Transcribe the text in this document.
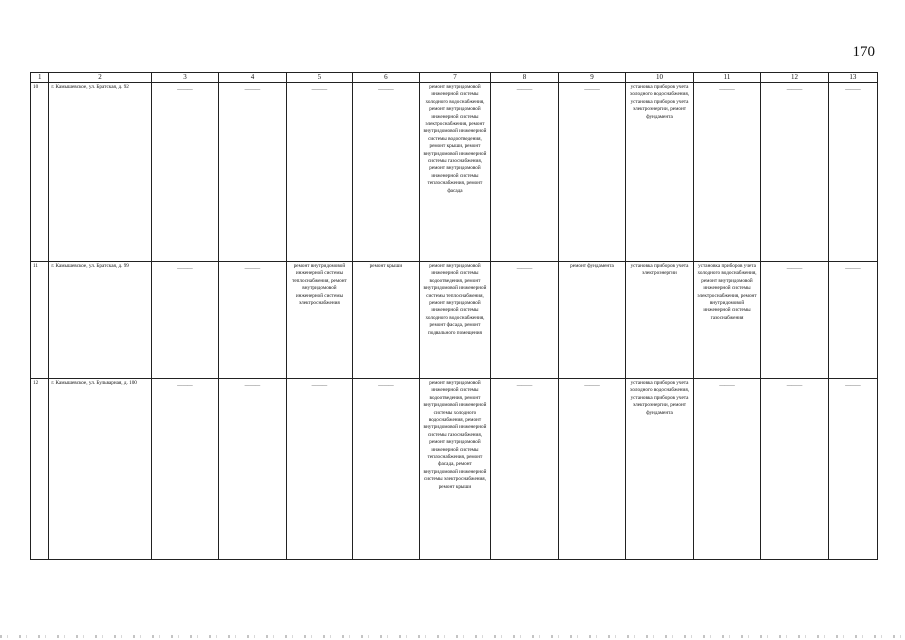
170
1	2	3	4	5	6	7	8	9	10	11	12	13
10	г. Камышевское, ул. Братская, д. 92	———	———	———	———	ремонт внутридомовой инженерной системы холодного водоснабжения, ремонт внутридомовой инженерной системы электроснабжения, ремонт внутридомовой инженерной системы водоотведения, ремонт крыши, ремонт внутридомовой инженерной системы газоснабжения, ремонт внутридомовой инженерной системы теплоснабжения, ремонт фасада	———	———	установка приборов учета холодного водоснабжения, установка приборов учета электроэнергии, ремонт фундамента	———	———	———
11	г. Камышевское, ул. Братская, д. 99	———	———	ремонт внутридомовой инженерной системы теплоснабжения, ремонт внутридомовой инженерной системы электроснабжения	ремонт крыши	ремонт внутридомовой инженерной системы водоотведения, ремонт внутридомовой инженерной системы теплоснабжения, ремонт внутридомовой инженерной системы холодного водоснабжения, ремонт фасада, ремонт подвального помещения	———	ремонт фундамента	установка приборов учета электроэнергии	установка приборов учета холодного водоснабжения, ремонт внутридомовой инженерной системы электроснабжения, ремонт внутридомовой инженерной системы газоснабжения	———	———
12	г. Камышевское, ул. Бульварная, д. 100	———	———	———	———	ремонт внутридомовой инженерной системы водоотведения, ремонт внутридомовой инженерной системы холодного водоснабжения, ремонт внутридомовой инженерной системы газоснабжения, ремонт внутридомовой инженерной системы теплоснабжения, ремонт фасада, ремонт внутридомовой инженерной системы электроснабжения, ремонт крыши	———	———	установка приборов учета холодного водоснабжения, установка приборов учета электроэнергии, ремонт фундамента	———	———	———
